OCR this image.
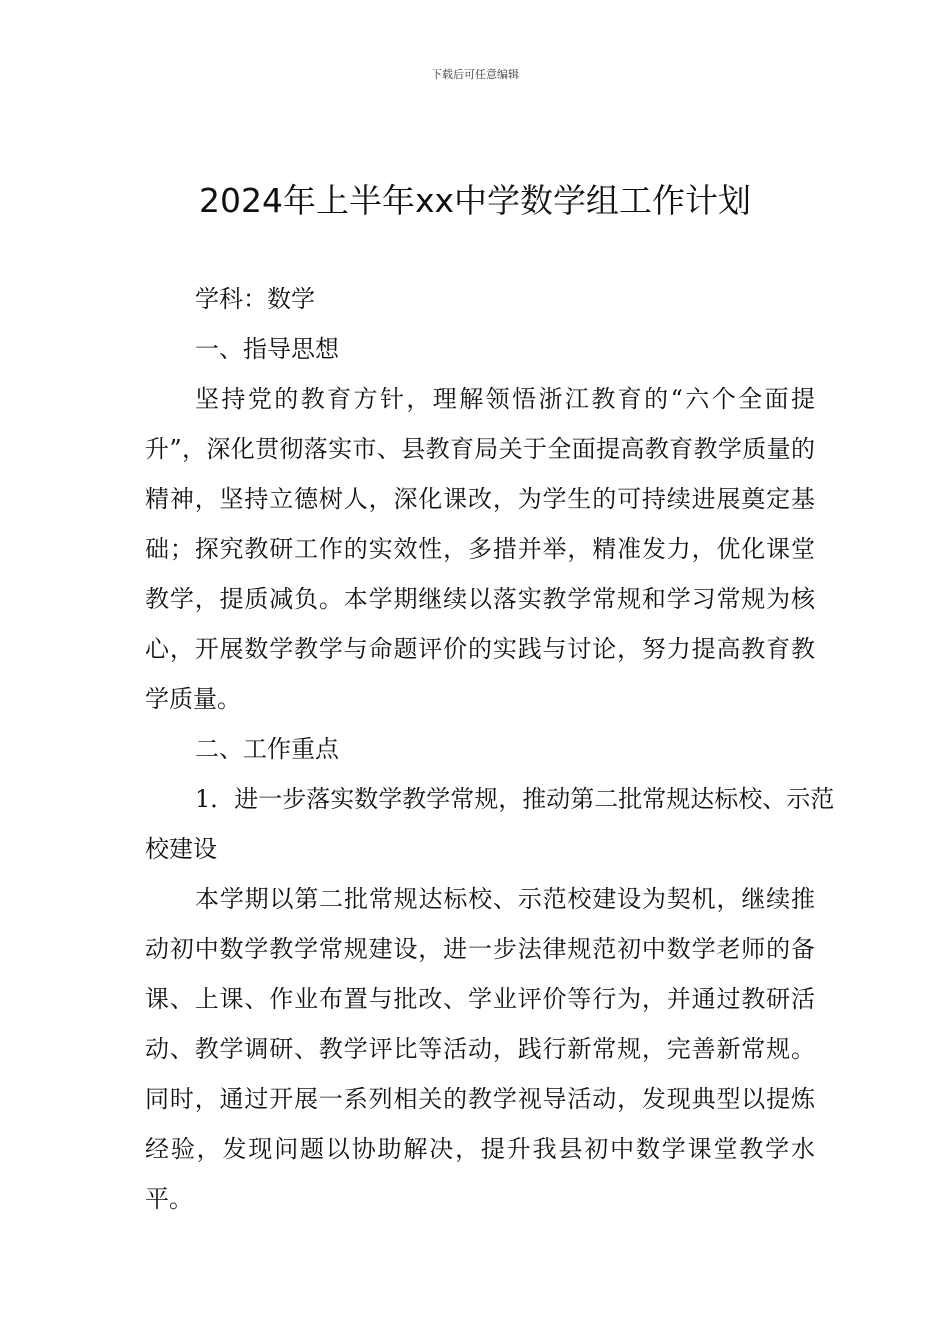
下载后可任意编辑
2024年上半年xx中学数学组工作计划

学科：数学

一、指导思想

坚持党的教育方针，理解领悟浙江教育的“六个全面提升”，深化贯彻落实市、县教育局关于全面提高教育教学质量的精神，坚持立德树人，深化课改，为学生的可持续进展奠定基础；探究教研工作的实效性，多措并举，精准发力，优化课堂教学，提质减负。本学期继续以落实教学常规和学习常规为核心，开展数学教学与命题评价的实践与讨论，努力提高教育教学质量。

二、工作重点

1．进一步落实数学教学常规，推动第二批常规达标校、示范校建设

本学期以第二批常规达标校、示范校建设为契机，继续推动初中数学教学常规建设，进一步法律规范初中数学老师的备课、上课、作业布置与批改、学业评价等行为，并通过教研活动、教学调研、教学评比等活动，践行新常规，完善新常规。同时，通过开展一系列相关的教学视导活动，发现典型以提炼经验，发现问题以协助解决，提升我县初中数学课堂教学水平。
